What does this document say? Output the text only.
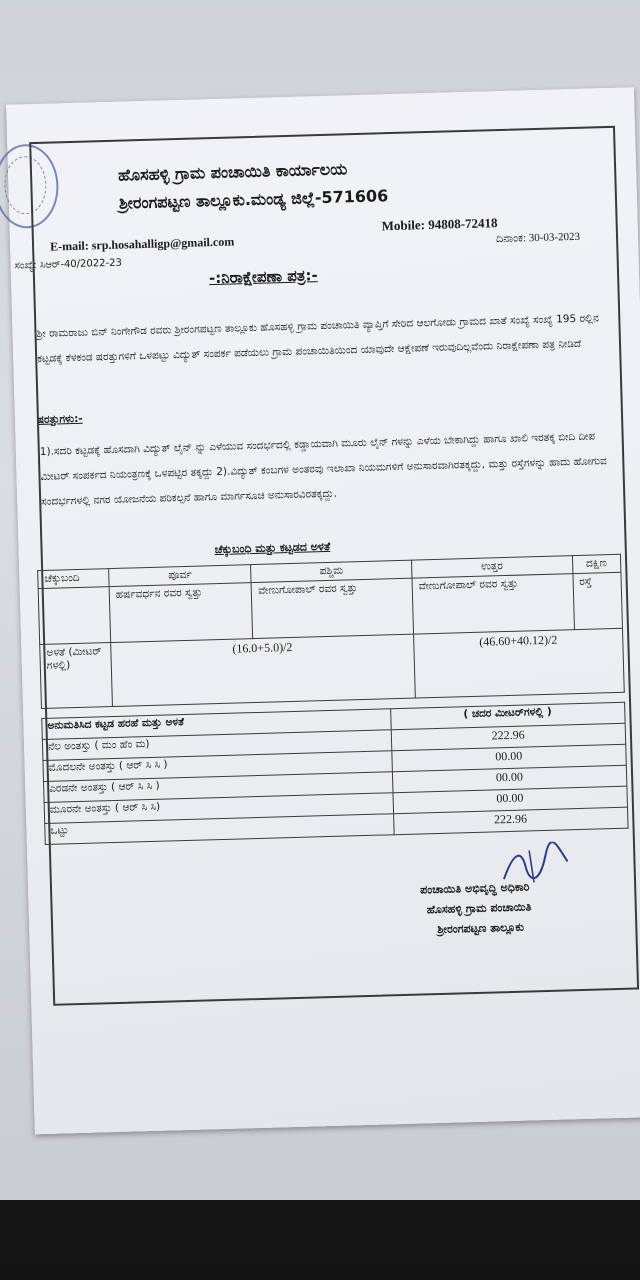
ಹೊಸಹಳ್ಳಿ ಗ್ರಾಮ ಪಂಚಾಯಿತಿ ಕಾರ್ಯಾಲಯ
ಶ್ರೀರಂಗಪಟ್ಟಣ ತಾಲ್ಲೂಕು.ಮಂಡ್ಯ ಜಿಲ್ಲೆ-571606
E-mail: srp.hosahalligp@gmail.com
Mobile: 94808-72418
ಸಂಖ್ಯೆ: ಸಿಆರ್-40/2022-23
ದಿನಾಂಕ: 30-03-2023
-:ನಿರಾಕ್ಷೇಪಣಾ ಪತ್ರ:-
ಶ್ರೀ ರಾಮರಾಜು ಬಿನ್ ನಿಂಗೇಗೌಡ ರವರು ಶ್ರೀರಂಗಪಟ್ಟಣ ತಾಲ್ಲೂಕು ಹೊಸಹಳ್ಳಿ ಗ್ರಾಮ ಪಂಚಾಯಿತಿ ವ್ಯಾಪ್ತಿಗೆ ಸೇರಿದ ಆಲಗೋಡು ಗ್ರಾಮದ ಖಾತೆ ಸಂಖ್ಯೆ ಸಂಖ್ಯೆ 195 ರಲ್ಲಿನ ಕಟ್ಟಡಕ್ಕೆ ಕೆಳಕಂಡ ಷರತ್ತುಗಳಿಗೆ ಒಳಪಟ್ಟು ವಿದ್ಯುತ್ ಸಂಪರ್ಕ ಪಡೆಯಲು ಗ್ರಾಮ ಪಂಚಾಯಿತಿಯಿಂದ ಯಾವುದೇ ಆಕ್ಷೇಪಣೆ ಇರುವುದಿಲ್ಲವೆಂದು ನಿರಾಕ್ಷೇಪಣಾ ಪತ್ರ ನೀಡಿದೆ
ಷರತ್ತುಗಳು:-
1).ಸದರಿ ಕಟ್ಟಡಕ್ಕೆ ಹೊಸದಾಗಿ ವಿದ್ಯುತ್ ಲೈನ್ ನ್ನು ಎಳೆಯುವ ಸಂದರ್ಭದಲ್ಲಿ ಕಡ್ಡಾಯವಾಗಿ ಮೂರು ಲೈನ್ ಗಳನ್ನು ಎಳೆಯ ಬೇಕಾಗಿದ್ದು ಹಾಗೂ ಖಾಲಿ ಇರತಕ್ಕ ಬೀದಿ ದೀಪ ಮೀಟರ್ ಸಂಪರ್ಕದ ನಿಯಂತ್ರಣಕ್ಕೆ ಒಳಪಟ್ಟಿರ ತಕ್ಕದ್ದು 2).ವಿದ್ಯುತ್ ಕಂಬಗಳ ಅಂತರವು ಇಲಾಖಾ ನಿಯಮಗಳಿಗೆ ಅನುಸಾರವಾಗಿರತಕ್ಕದ್ದು, ಮತ್ತು ರಸ್ತೆಗಳನ್ನು ಹಾದು ಹೋಗುವ ಸಂದರ್ಭಗಳಲ್ಲಿ ನಗರ ಯೋಜನೆಯ ಪರಿಕಲ್ಪನೆ ಹಾಗೂ ಮಾರ್ಗಸೂಚಿ ಅನುಸಾರವಿರತಕ್ಕದ್ದು.
ಚೆಕ್ಕುಬಂಧಿ ಮತ್ತು ಕಟ್ಟಡದ ಅಳತೆ
ಚೆಕ್ಕುಬಂದಿ	ಪೂರ್ವ	ಪಶ್ಚಿಮ	ಉತ್ತರ	ದಕ್ಷಿಣ
	ಹರ್ಷವರ್ಧನ ರವರ ಸ್ವತ್ತು	ವೇಣುಗೋಪಾಲ್ ರವರ ಸ್ವತ್ತು	ವೇಣುಗೋಪಾಲ್ ರವರ ಸ್ವತ್ತು	ರಸ್ತೆ
ಅಳತೆ (ಮೀಟರ್ ಗಳಲ್ಲಿ)	(16.0+5.0)/2		(46.60+40.12)/2	
ಅನುಮತಿಸಿದ ಕಟ್ಟಡ ಹರಹೆ ಮತ್ತು ಅಳತೆ	( ಚದರ ಮೀಟರ್‌ಗಳಲ್ಲಿ )
ನೆಲ ಅಂತಸ್ತು ( ಮಂ ಹೆಂ ಮ)	222.96
ಮೊದಲನೇ ಅಂತಸ್ತು ( ಆರ್ ಸಿ ಸಿ )	00.00
ಎರಡನೇ ಅಂತಸ್ತು ( ಆರ್ ಸಿ ಸಿ )	00.00
ಮೂರನೇ ಅಂತಸ್ತು ( ಆರ್ ಸಿ ಸಿ)	00.00
ಒಟ್ಟು	222.96
ಪಂಚಾಯಿತಿ ಅಭಿವೃದ್ಧಿ ಅಧಿಕಾರಿ
ಹೊಸಹಳ್ಳಿ ಗ್ರಾಮ ಪಂಚಾಯಿತಿ
ಶ್ರೀರಂಗಪಟ್ಟಣ ತಾಲ್ಲೂಕು
